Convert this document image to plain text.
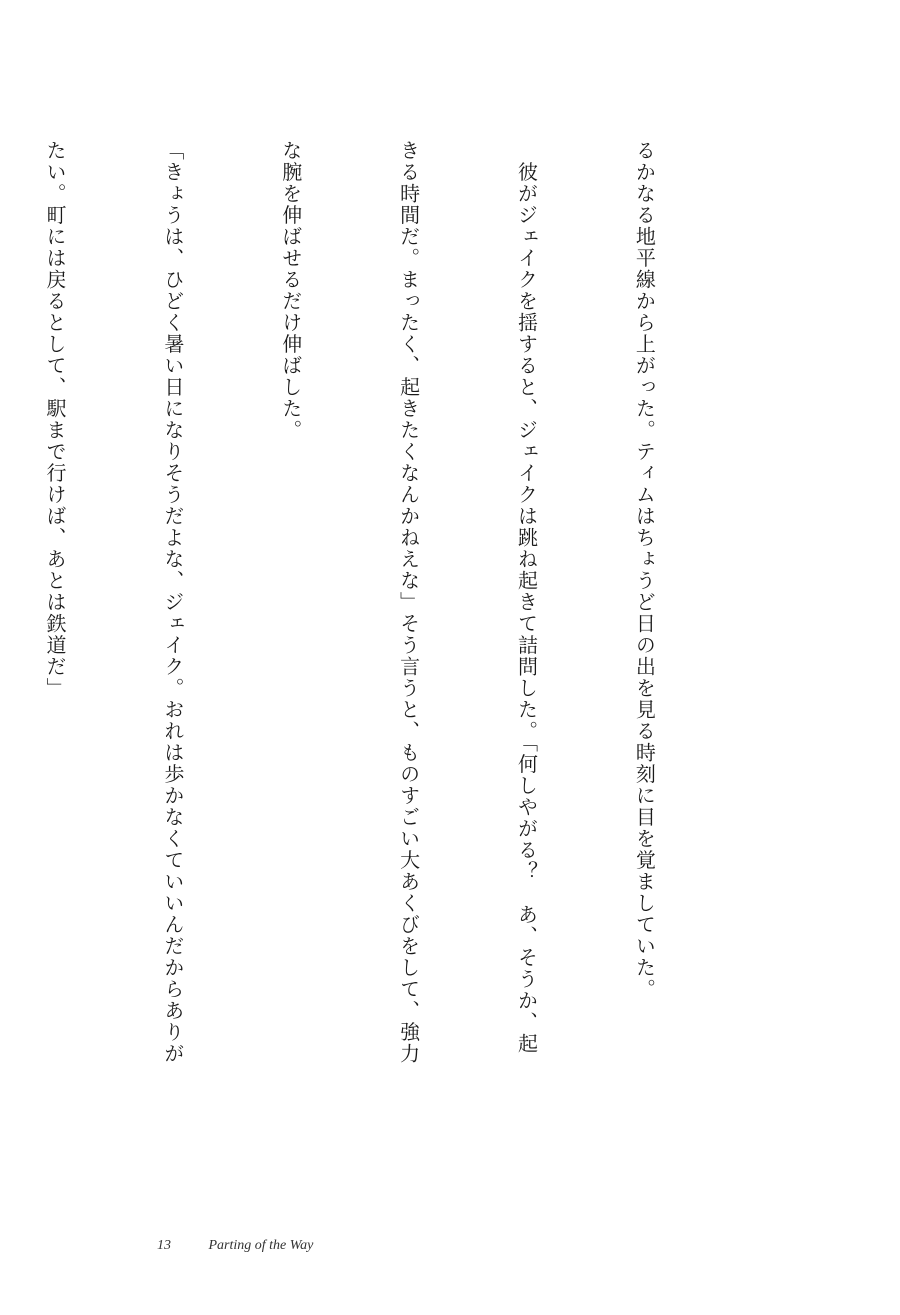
るかなる地平線から上がった。ティムはちょうど日の出を見る時刻に目を覚ましていた。

　彼がジェイクを揺すると、ジェイクは跳ね起きて詰問した。「何しやがる？　あ、そうか、起

きる時間だ。まったく、起きたくなんかねえな」そう言うと、ものすごい大あくびをして、強力

な腕を伸ばせるだけ伸ばした。

「きょうは、ひどく暑い日になりそうだよな、ジェイク。おれは歩かなくていいんだからありが

たい。町には戻るとして、駅まで行けば、あとは鉄道だ」

13	Parting of the Way
